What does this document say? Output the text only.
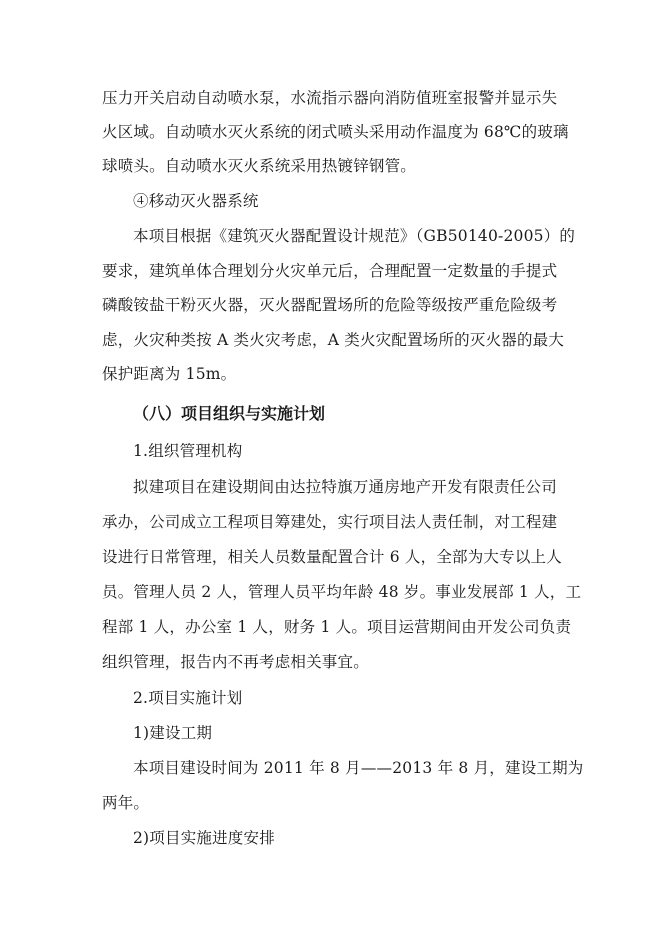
压力开关启动自动喷水泵，水流指示器向消防值班室报警并显示失
火区域。自动喷水灭火系统的闭式喷头采用动作温度为 68℃的玻璃
球喷头。自动喷水灭火系统采用热镀锌钢管。
④移动灭火器系统
本项目根据《建筑灭火器配置设计规范》（GB50140-2005）的
要求，建筑单体合理划分火灾单元后，合理配置一定数量的手提式
磷酸铵盐干粉灭火器，灭火器配置场所的危险等级按严重危险级考
虑，火灾种类按 A 类火灾考虑，A 类火灾配置场所的灭火器的最大
保护距离为 15m。
（八）项目组织与实施计划
1.组织管理机构
拟建项目在建设期间由达拉特旗万通房地产开发有限责任公司
承办，公司成立工程项目筹建处，实行项目法人责任制，对工程建
设进行日常管理，相关人员数量配置合计 6 人，全部为大专以上人
员。管理人员 2 人，管理人员平均年龄 48 岁。事业发展部 1 人，工
程部 1 人，办公室 1 人，财务 1 人。项目运营期间由开发公司负责
组织管理，报告内不再考虑相关事宜。
2.项目实施计划
1)建设工期
本项目建设时间为 2011 年 8 月——2013 年 8 月，建设工期为
两年。
2)项目实施进度安排
